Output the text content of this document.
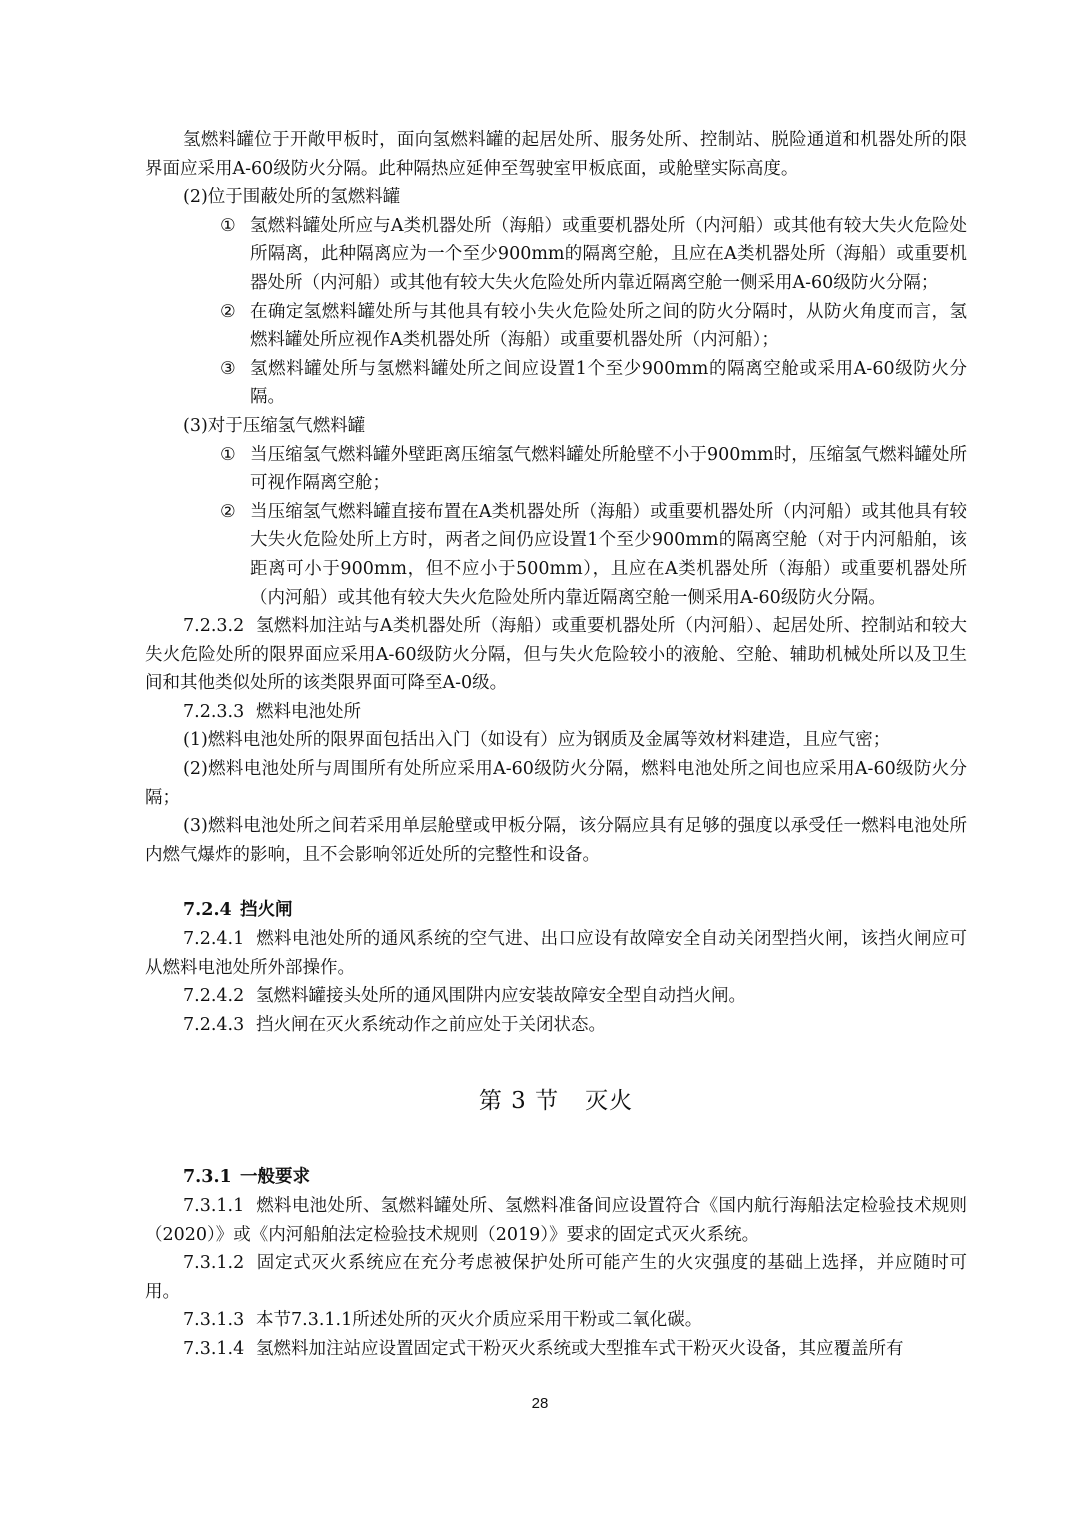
氢燃料罐位于开敞甲板时，面向氢燃料罐的起居处所、服务处所、控制站、脱险通道和机器处所的限界面应采用A-60级防火分隔。此种隔热应延伸至驾驶室甲板底面，或舱壁实际高度。

(2)位于围蔽处所的氢燃料罐

① 氢燃料罐处所应与A类机器处所（海船）或重要机器处所（内河船）或其他有较大失火危险处所隔离，此种隔离应为一个至少900mm的隔离空舱，且应在A类机器处所（海船）或重要机器处所（内河船）或其他有较大失火危险处所内靠近隔离空舱一侧采用A-60级防火分隔；
② 在确定氢燃料罐处所与其他具有较小失火危险处所之间的防火分隔时，从防火角度而言，氢燃料罐处所应视作A类机器处所（海船）或重要机器处所（内河船）；
③ 氢燃料罐处所与氢燃料罐处所之间应设置1个至少900mm的隔离空舱或采用A-60级防火分隔。

(3)对于压缩氢气燃料罐

① 当压缩氢气燃料罐外壁距离压缩氢气燃料罐处所舱壁不小于900mm时，压缩氢气燃料罐处所可视作隔离空舱；
② 当压缩氢气燃料罐直接布置在A类机器处所（海船）或重要机器处所（内河船）或其他具有较大失火危险处所上方时，两者之间仍应设置1个至少900mm的隔离空舱（对于内河船舶，该距离可小于900mm，但不应小于500mm），且应在A类机器处所（海船）或重要机器处所（内河船）或其他有较大失火危险处所内靠近隔离空舱一侧采用A-60级防火分隔。

7.2.3.2 氢燃料加注站与A类机器处所（海船）或重要机器处所（内河船）、起居处所、控制站和较大失火危险处所的限界面应采用A-60级防火分隔，但与失火危险较小的液舱、空舱、辅助机械处所以及卫生间和其他类似处所的该类限界面可降至A-0级。

7.2.3.3 燃料电池处所

(1)燃料电池处所的限界面包括出入门（如设有）应为钢质及金属等效材料建造，且应气密；

(2)燃料电池处所与周围所有处所应采用A-60级防火分隔，燃料电池处所之间也应采用A-60级防火分隔；

(3)燃料电池处所之间若采用单层舱壁或甲板分隔，该分隔应具有足够的强度以承受任一燃料电池处所内燃气爆炸的影响，且不会影响邻近处所的完整性和设备。

7.2.4 挡火闸

7.2.4.1 燃料电池处所的通风系统的空气进、出口应设有故障安全自动关闭型挡火闸，该挡火闸应可从燃料电池处所外部操作。

7.2.4.2 氢燃料罐接头处所的通风围阱内应安装故障安全型自动挡火闸。

7.2.4.3 挡火闸在灭火系统动作之前应处于关闭状态。

第 3 节 灭火

7.3.1 一般要求

7.3.1.1 燃料电池处所、氢燃料罐处所、氢燃料准备间应设置符合《国内航行海船法定检验技术规则（2020）》或《内河船舶法定检验技术规则（2019）》要求的固定式灭火系统。

7.3.1.2 固定式灭火系统应在充分考虑被保护处所可能产生的火灾强度的基础上选择，并应随时可用。

7.3.1.3 本节7.3.1.1所述处所的灭火介质应采用干粉或二氧化碳。

7.3.1.4 氢燃料加注站应设置固定式干粉灭火系统或大型推车式干粉灭火设备，其应覆盖所有

28
